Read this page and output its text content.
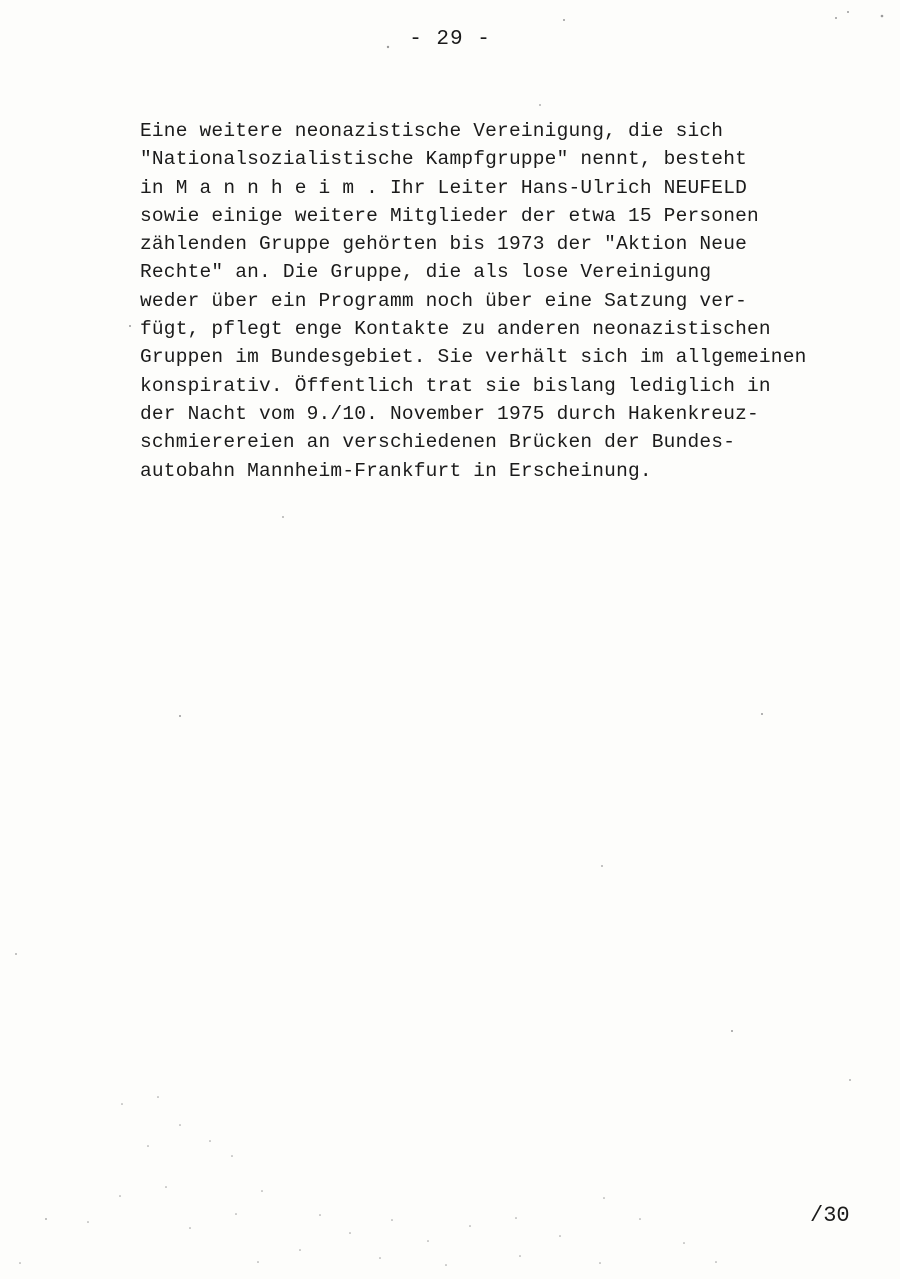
- 29 -
Eine weitere neonazistische Vereinigung, die sich
"Nationalsozialistische Kampfgruppe" nennt, besteht
in M a n n h e i m . Ihr Leiter Hans-Ulrich NEUFELD
sowie einige weitere Mitglieder der etwa 15 Personen
zählenden Gruppe gehörten bis 1973 der "Aktion Neue
Rechte" an. Die Gruppe, die als lose Vereinigung
weder über ein Programm noch über eine Satzung ver-
fügt, pflegt enge Kontakte zu anderen neonazistischen
Gruppen im Bundesgebiet. Sie verhält sich im allgemeinen
konspirativ. Öffentlich trat sie bislang lediglich in
der Nacht vom 9./10. November 1975 durch Hakenkreuz-
schmierereien an verschiedenen Brücken der Bundes-
autobahn Mannheim-Frankfurt in Erscheinung.
/30
